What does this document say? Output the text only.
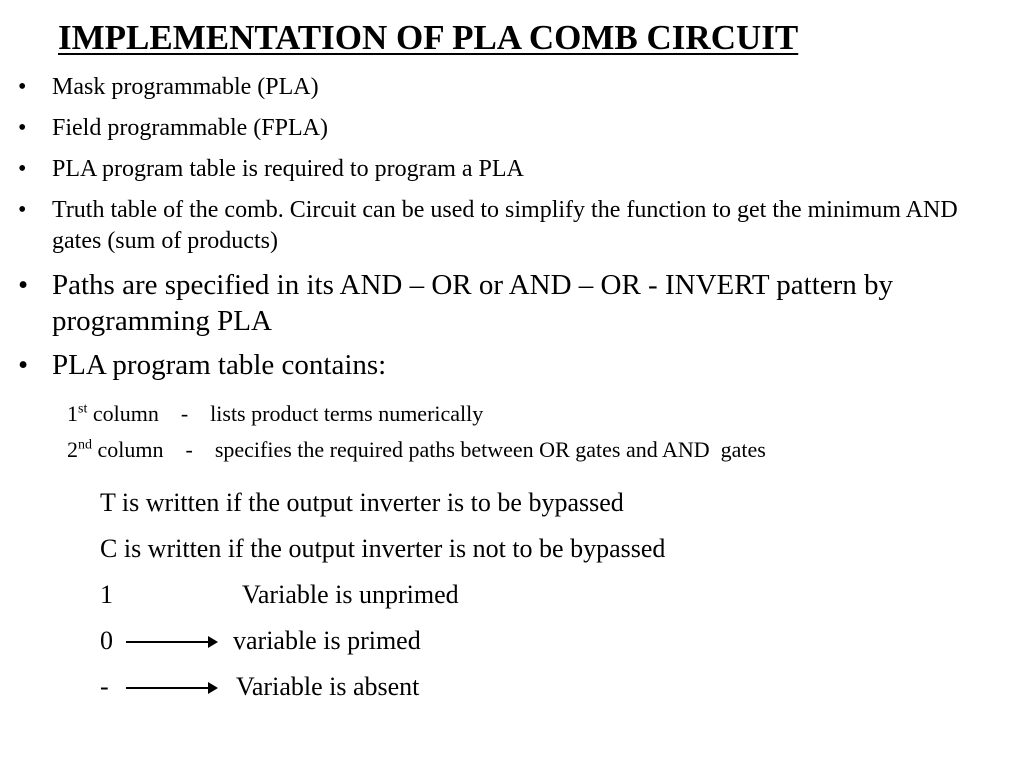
IMPLEMENTATION OF PLA COMB CIRCUIT
•	Mask programmable (PLA)
•	Field programmable (FPLA)
•	PLA program table is required to program a PLA
•	Truth table of the comb. Circuit can be used to simplify the function to get the minimum AND gates (sum of products)
• Paths are specified in its AND – OR or AND – OR - INVERT pattern by programming PLA
• PLA program table contains:
1st column    -    lists product terms numerically
2nd column    -    specifies the required paths between OR gates and AND  gates
T is written if the output inverter is to be bypassed
C is written if the output inverter is not to be bypassed
1	Variable is unprimed
0	variable is primed
-	Variable is absent
